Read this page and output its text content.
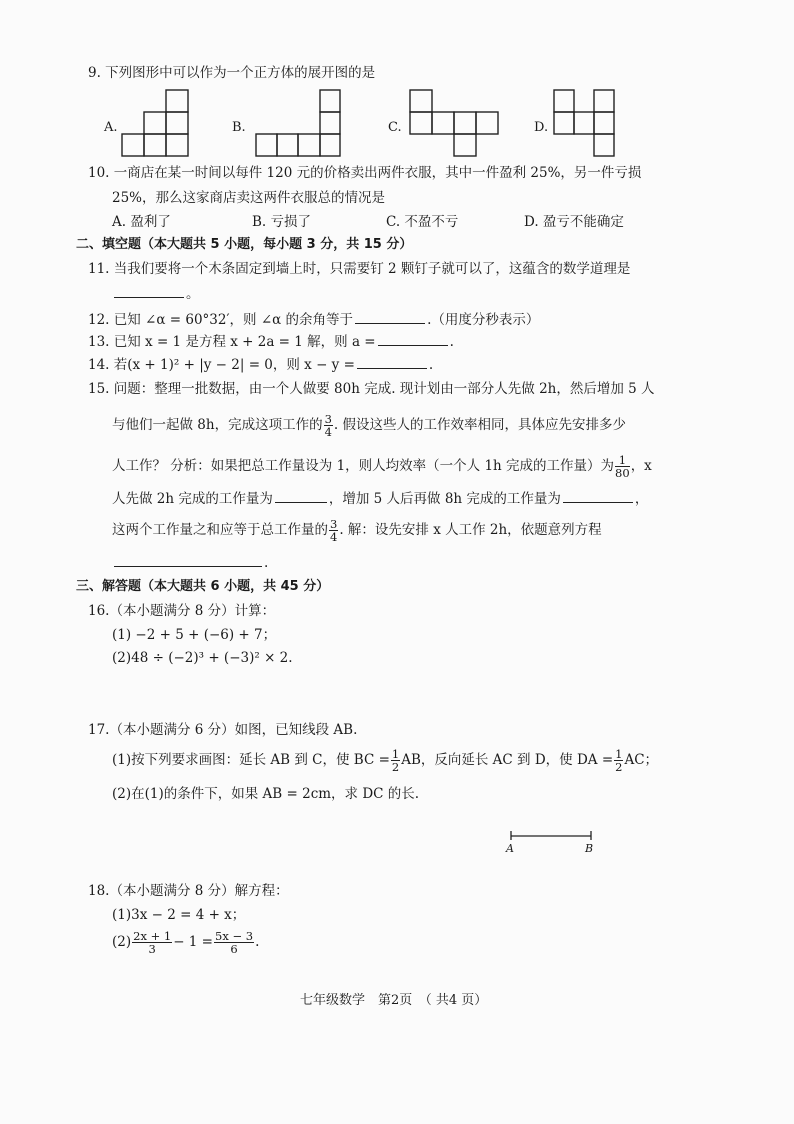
9. 下列图形中可以作为一个正方体的展开图的是
A.	B.	C.	D.
10. 一商店在某一时间以每件 120 元的价格卖出两件衣服，其中一件盈利 25%，另一件亏损
25%，那么这家商店卖这两件衣服总的情况是
A. 盈利了	B. 亏损了	C. 不盈不亏	D. 盈亏不能确定
二、填空题（本大题共 5 小题，每小题 3 分，共 15 分）
11. 当我们要将一个木条固定到墙上时，只需要钉 2 颗钉子就可以了，这蕴含的数学道理是
。
12. 已知 ∠α = 60°32′，则 ∠α 的余角等于	.（用度分秒表示）
13. 已知 x = 1 是方程 x + 2a = 1 解，则 a =	.
14. 若(x + 1)² + |y − 2| = 0，则 x − y =	.
15. 问题：整理一批数据，由一个人做要 80h 完成. 现计划由一部分人先做 2h，然后增加 5 人
与他们一起做 8h，完成这项工作的 $\frac{3}{4}$ . 假设这些人的工作效率相同，具体应先安排多少
人工作？ 分析：如果把总工作量设为 1，则人均效率（一个人 1h 完成的工作量）为 $\frac{1}{80}$ ，x
人先做 2h 完成的工作量为	，增加 5 人后再做 8h 完成的工作量为	，
这两个工作量之和应等于总工作量的 $\frac{3}{4}$ . 解：设先安排 x 人工作 2h，依题意列方程
.
三、解答题（本大题共 6 小题，共 45 分）
16.（本小题满分 8 分）计算：
(1) −2 + 5 + (−6) + 7；
(2)48 ÷ (−2)³ + (−3)² × 2.
17.（本小题满分 6 分）如图，已知线段 AB.
(1)按下列要求画图：延长 AB 到 C，使 BC = $\frac{1}{2}$ AB，反向延长 AC 到 D，使 DA = $\frac{1}{2}$ AC；
(2)在(1)的条件下，如果 AB = 2cm，求 DC 的长.
A	B
18.（本小题满分 8 分）解方程：
(1)3x − 2 = 4 + x；
$(2) \frac{2x + 1}{3} - 1 = \frac{5x - 3}{6}$ .
七年级数学　第2页　（ 共4 页）
